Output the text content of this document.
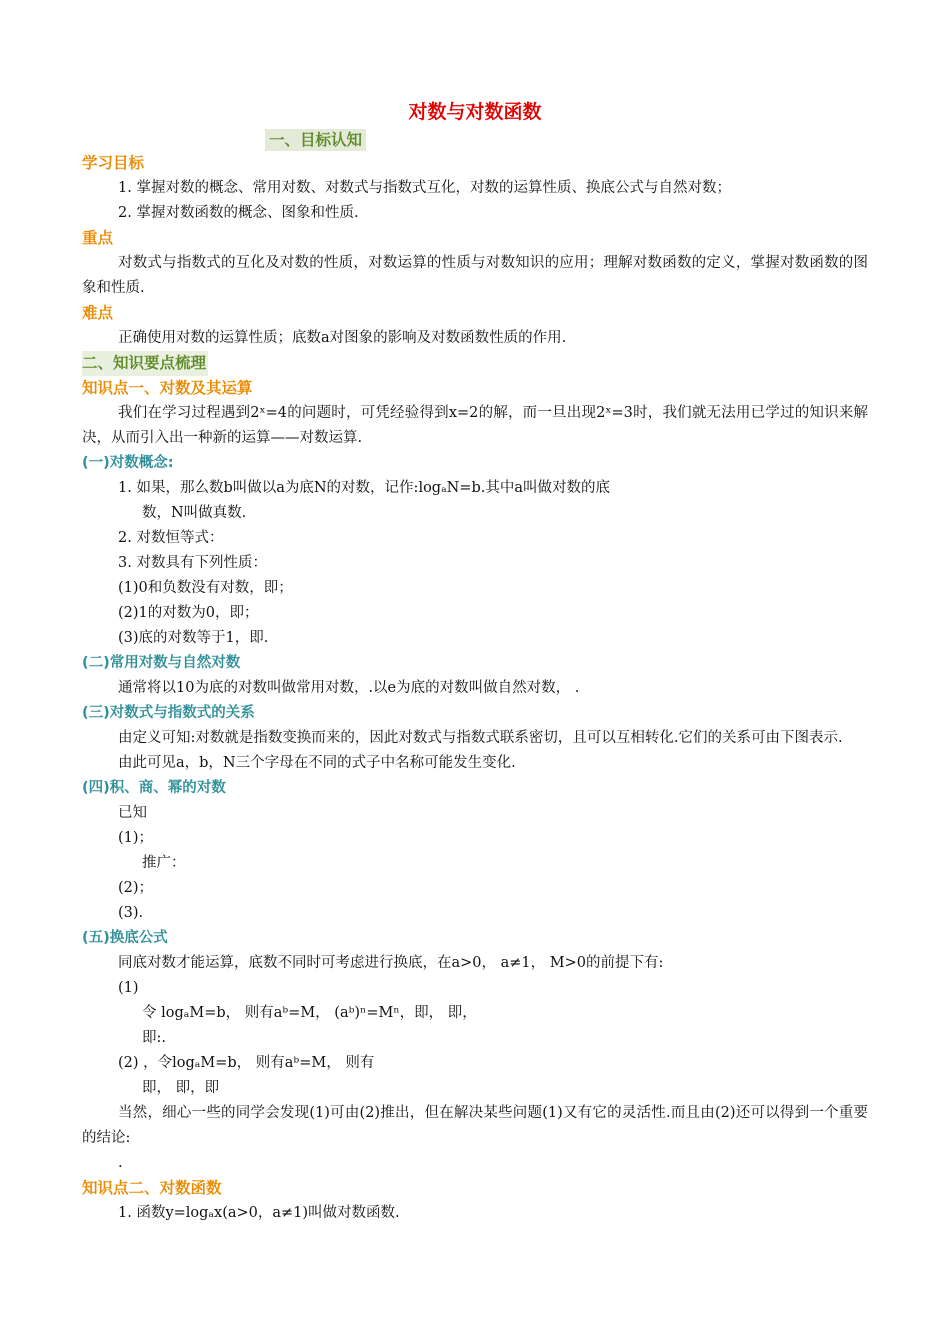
对数与对数函数
一、目标认知
学习目标
1. 掌握对数的概念、常用对数、对数式与指数式互化，对数的运算性质、换底公式与自然对数；
2. 掌握对数函数的概念、图象和性质.
重点
对数式与指数式的互化及对数的性质，对数运算的性质与对数知识的应用；理解对数函数的定义，掌握对数函数的图象和性质.
难点
正确使用对数的运算性质；底数a对图象的影响及对数函数性质的作用.
二、知识要点梳理
知识点一、对数及其运算
我们在学习过程遇到2ˣ=4的问题时，可凭经验得到x=2的解，而一旦出现2ˣ=3时，我们就无法用已学过的知识来解决，从而引入出一种新的运算——对数运算.
(一)对数概念:
1. 如果，那么数b叫做以a为底N的对数，记作:logₐN=b.其中a叫做对数的底
数，N叫做真数.
2. 对数恒等式：
3. 对数具有下列性质：
(1)0和负数没有对数，即；
(2)1的对数为0，即；
(3)底的对数等于1，即.
(二)常用对数与自然对数
通常将以10为底的对数叫做常用对数，.以e为底的对数叫做自然对数， .
(三)对数式与指数式的关系
由定义可知:对数就是指数变换而来的，因此对数式与指数式联系密切，且可以互相转化.它们的关系可由下图表示.
由此可见a，b，N三个字母在不同的式子中名称可能发生变化.
(四)积、商、幂的对数
已知
(1)；
推广：
(2)；
(3).
(五)换底公式
同底对数才能运算，底数不同时可考虑进行换底，在a>0， a≠1， M>0的前提下有:
(1)
令 logₐM=b， 则有aᵇ=M， (aᵇ)ⁿ=Mⁿ，即， 即，
即:.
(2) ，令logₐM=b， 则有aᵇ=M， 则有
即， 即，即
当然，细心一些的同学会发现(1)可由(2)推出，但在解决某些问题(1)又有它的灵活性.而且由(2)还可以得到一个重要的结论:
.
知识点二、对数函数
1. 函数y=logₐx(a>0，a≠1)叫做对数函数.
